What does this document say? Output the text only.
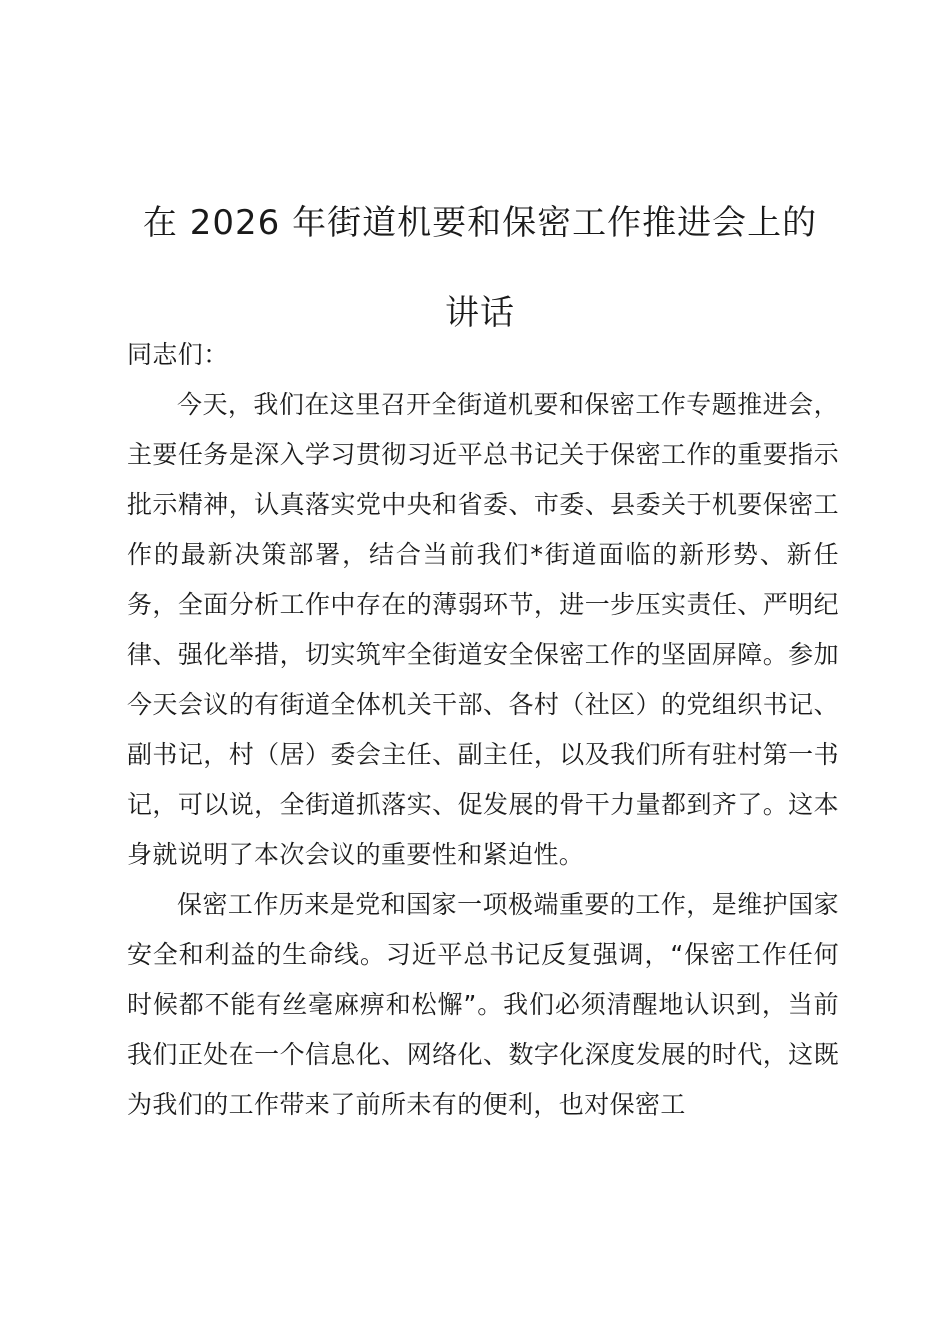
在 2026 年街道机要和保密工作推进会上的
讲话

同志们：

今天，我们在这里召开全街道机要和保密工作专题推进会，主要任务是深入学习贯彻习近平总书记关于保密工作的重要指示批示精神，认真落实党中央和省委、市委、县委关于机要保密工作的最新决策部署，结合当前我们*街道面临的新形势、新任务，全面分析工作中存在的薄弱环节，进一步压实责任、严明纪律、强化举措，切实筑牢全街道安全保密工作的坚固屏障。参加今天会议的有街道全体机关干部、各村（社区）的党组织书记、副书记，村（居）委会主任、副主任，以及我们所有驻村第一书记，可以说，全街道抓落实、促发展的骨干力量都到齐了。这本身就说明了本次会议的重要性和紧迫性。

保密工作历来是党和国家一项极端重要的工作，是维护国家安全和利益的生命线。习近平总书记反复强调，“保密工作任何时候都不能有丝毫麻痹和松懈”。我们必须清醒地认识到，当前我们正处在一个信息化、网络化、数字化深度发展的时代，这既为我们的工作带来了前所未有的便利，也对保密工
